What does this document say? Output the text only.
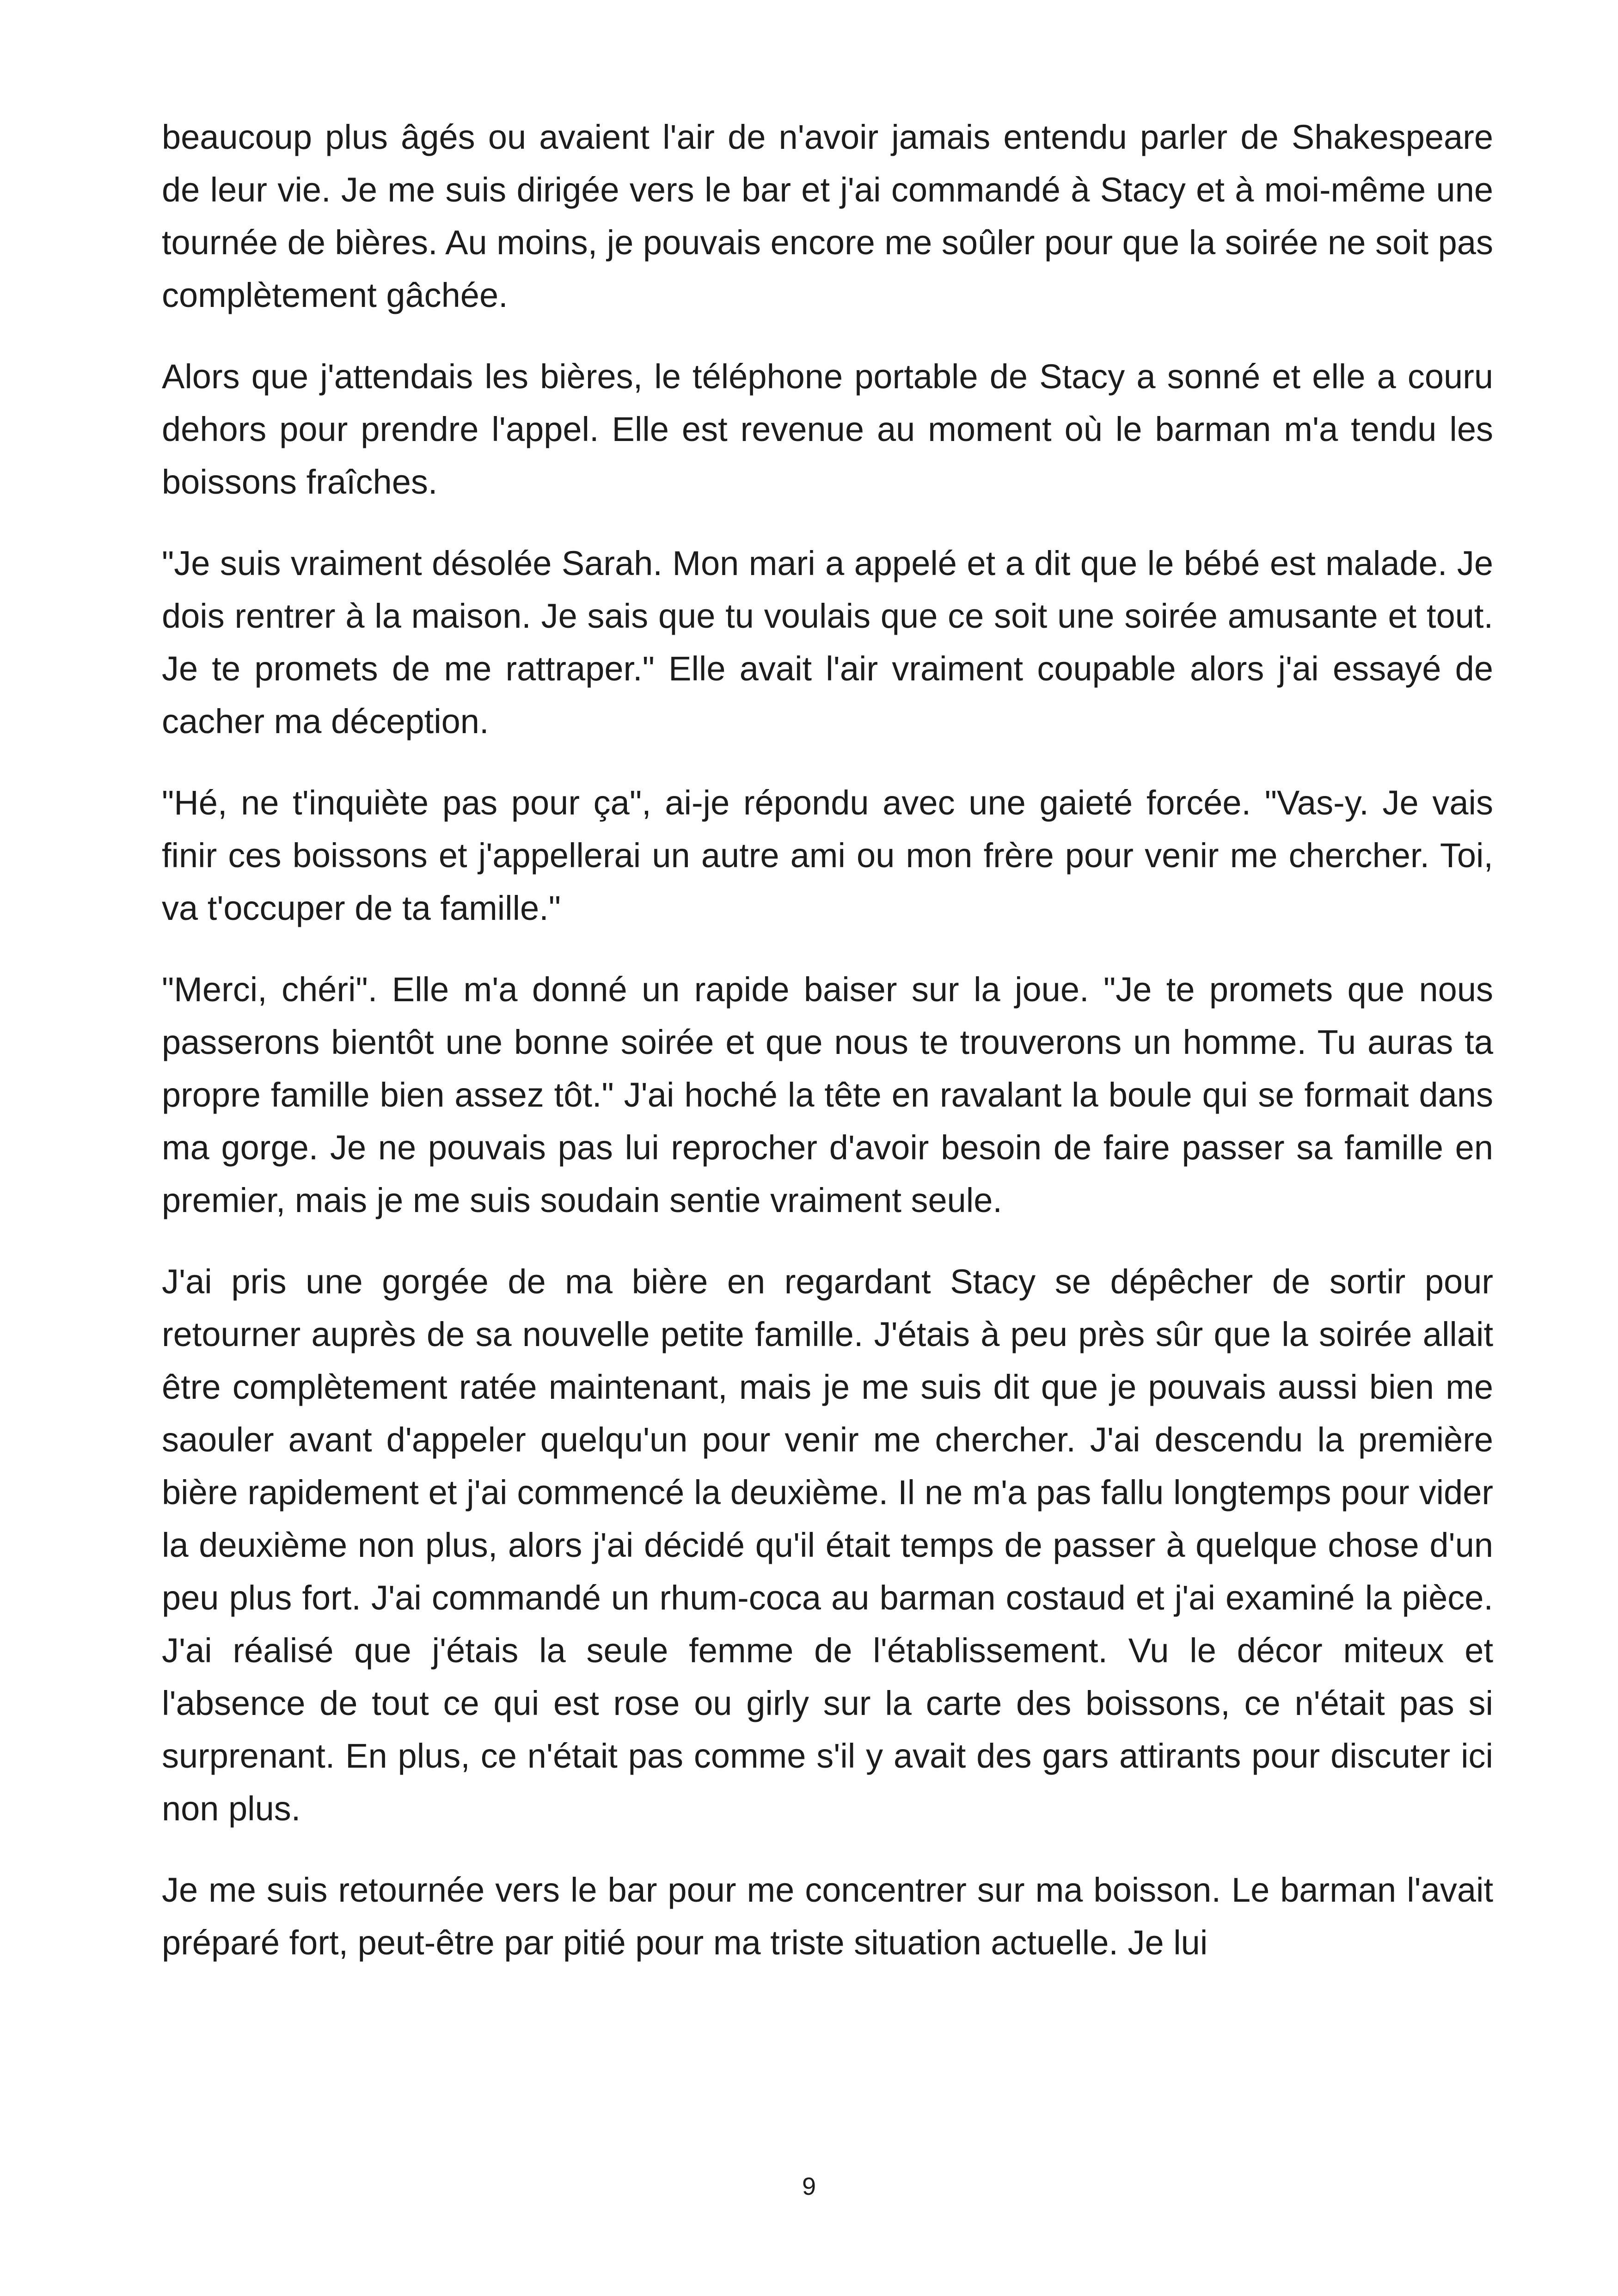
beaucoup plus âgés ou avaient l'air de n'avoir jamais entendu parler de Shakespeare de leur vie. Je me suis dirigée vers le bar et j'ai commandé à Stacy et à moi-même une tournée de bières. Au moins, je pouvais encore me soûler pour que la soirée ne soit pas complètement gâchée.

Alors que j'attendais les bières, le téléphone portable de Stacy a sonné et elle a couru dehors pour prendre l'appel. Elle est revenue au moment où le barman m'a tendu les boissons fraîches.

"Je suis vraiment désolée Sarah. Mon mari a appelé et a dit que le bébé est malade. Je dois rentrer à la maison. Je sais que tu voulais que ce soit une soirée amusante et tout. Je te promets de me rattraper." Elle avait l'air vraiment coupable alors j'ai essayé de cacher ma déception.

"Hé, ne t'inquiète pas pour ça", ai-je répondu avec une gaieté forcée. "Vas-y. Je vais finir ces boissons et j'appellerai un autre ami ou mon frère pour venir me chercher. Toi, va t'occuper de ta famille."

"Merci, chéri". Elle m'a donné un rapide baiser sur la joue. "Je te promets que nous passerons bientôt une bonne soirée et que nous te trouverons un homme. Tu auras ta propre famille bien assez tôt." J'ai hoché la tête en ravalant la boule qui se formait dans ma gorge. Je ne pouvais pas lui reprocher d'avoir besoin de faire passer sa famille en premier, mais je me suis soudain sentie vraiment seule.

J'ai pris une gorgée de ma bière en regardant Stacy se dépêcher de sortir pour retourner auprès de sa nouvelle petite famille. J'étais à peu près sûr que la soirée allait être complètement ratée maintenant, mais je me suis dit que je pouvais aussi bien me saouler avant d'appeler quelqu'un pour venir me chercher. J'ai descendu la première bière rapidement et j'ai commencé la deuxième. Il ne m'a pas fallu longtemps pour vider la deuxième non plus, alors j'ai décidé qu'il était temps de passer à quelque chose d'un peu plus fort. J'ai commandé un rhum-coca au barman costaud et j'ai examiné la pièce. J'ai réalisé que j'étais la seule femme de l'établissement. Vu le décor miteux et l'absence de tout ce qui est rose ou girly sur la carte des boissons, ce n'était pas si surprenant. En plus, ce n'était pas comme s'il y avait des gars attirants pour discuter ici non plus.

Je me suis retournée vers le bar pour me concentrer sur ma boisson. Le barman l'avait préparé fort, peut-être par pitié pour ma triste situation actuelle. Je lui

9
